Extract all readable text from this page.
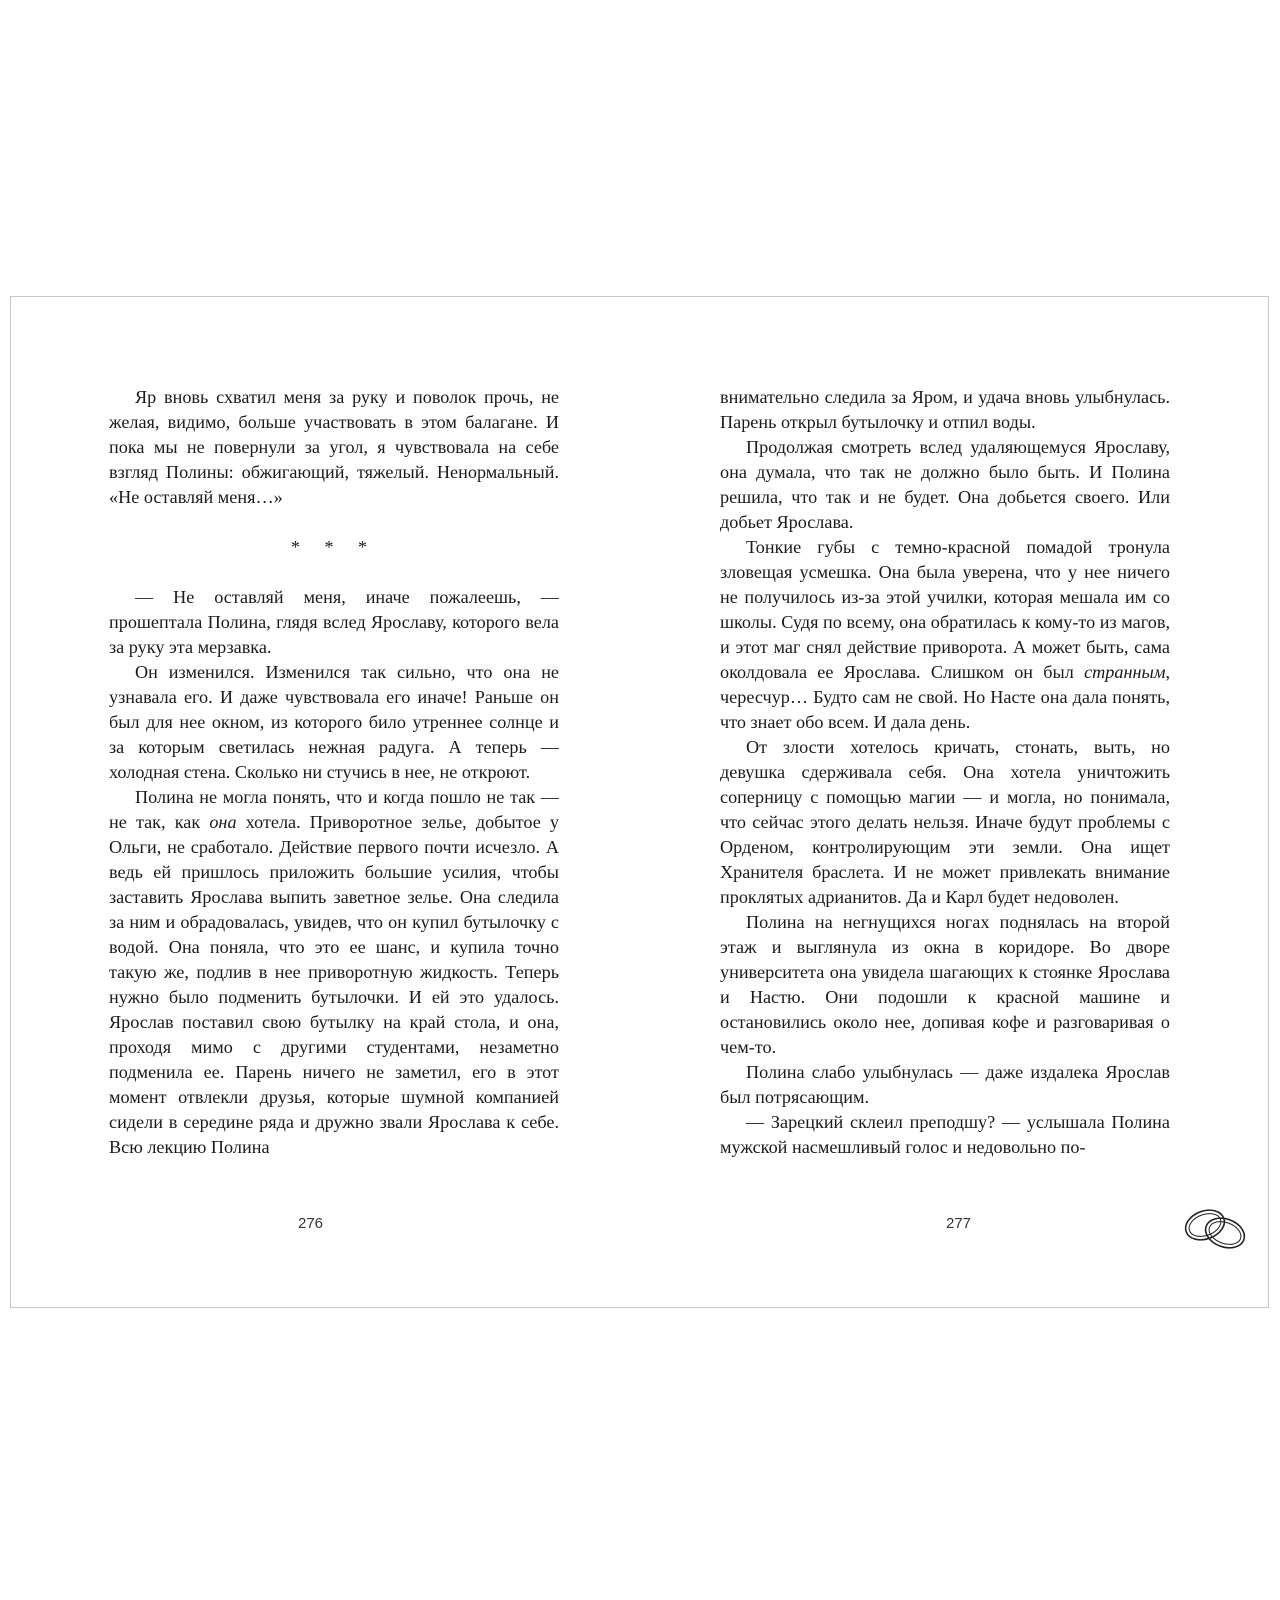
Яр вновь схватил меня за руку и поволок прочь, не желая, видимо, больше участвовать в этом балагане. И пока мы не повернули за угол, я чувствовала на себе взгляд Полины: обжигающий, тяжелый. Ненормальный. «Не оставляй меня…»

* * *

— Не оставляй меня, иначе пожалеешь, — прошептала Полина, глядя вслед Ярославу, которого вела за руку эта мерзавка.

Он изменился. Изменился так сильно, что она не узнавала его. И даже чувствовала его иначе! Раньше он был для нее окном, из которого било утреннее солнце и за которым светилась нежная радуга. А теперь — холодная стена. Сколько ни стучись в нее, не откроют.

Полина не могла понять, что и когда пошло не так — не так, как она хотела. Приворотное зелье, добытое у Ольги, не сработало. Действие первого почти исчезло. А ведь ей пришлось приложить большие усилия, чтобы заставить Ярослава выпить заветное зелье. Она следила за ним и обрадовалась, увидев, что он купил бутылочку с водой. Она поняла, что это ее шанс, и купила точно такую же, подлив в нее приворотную жидкость. Теперь нужно было подменить бутылочки. И ей это удалось. Ярослав поставил свою бутылку на край стола, и она, проходя мимо с другими студентами, незаметно подменила ее. Парень ничего не заметил, его в этот момент отвлекли друзья, которые шумной компанией сидели в середине ряда и дружно звали Ярослава к себе. Всю лекцию Полина

внимательно следила за Яром, и удача вновь улыбнулась. Парень открыл бутылочку и отпил воды.

Продолжая смотреть вслед удаляющемуся Ярославу, она думала, что так не должно было быть. И Полина решила, что так и не будет. Она добьется своего. Или добьет Ярослава.

Тонкие губы с темно-красной помадой тронула зловещая усмешка. Она была уверена, что у нее ничего не получилось из-за этой училки, которая мешала им со школы. Судя по всему, она обратилась к кому-то из магов, и этот маг снял действие приворота. А может быть, сама околдовала ее Ярослава. Слишком он был странным, чересчур… Будто сам не свой. Но Насте она дала понять, что знает обо всем. И дала день.

От злости хотелось кричать, стонать, выть, но девушка сдерживала себя. Она хотела уничтожить соперницу с помощью магии — и могла, но понимала, что сейчас этого делать нельзя. Иначе будут проблемы с Орденом, контролирующим эти земли. Она ищет Хранителя браслета. И не может привлекать внимание проклятых адрианитов. Да и Карл будет недоволен.

Полина на негнущихся ногах поднялась на второй этаж и выглянула из окна в коридоре. Во дворе университета она увидела шагающих к стоянке Ярослава и Настю. Они подошли к красной машине и остановились около нее, допивая кофе и разговаривая о чем-то.

Полина слабо улыбнулась — даже издалека Ярослав был потрясающим.

— Зарецкий склеил преподшу? — услышала Полина мужской насмешливый голос и недовольно по-

276	277
